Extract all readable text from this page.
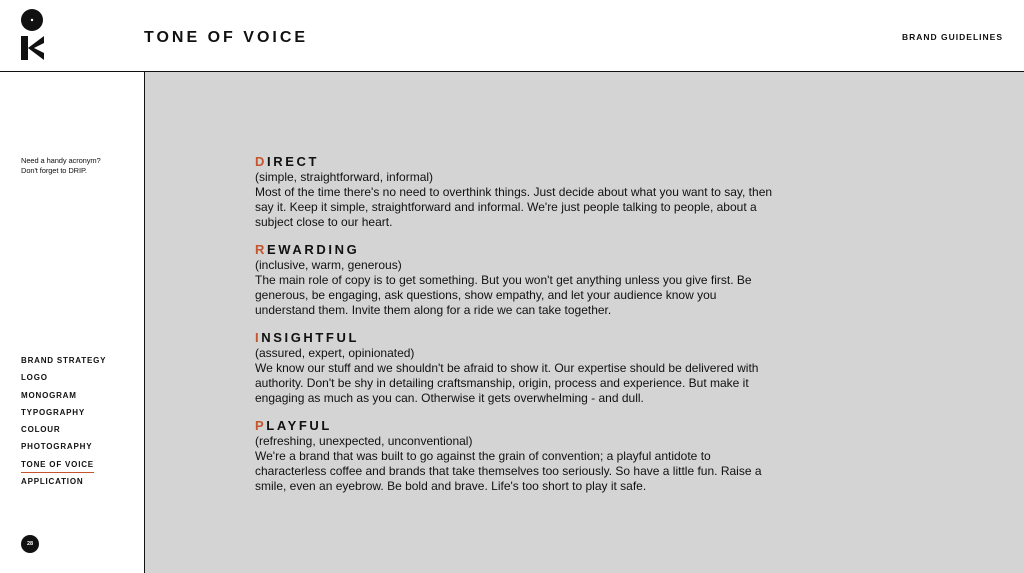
TONE OF VOICE	BRAND GUIDELINES
Need a handy acronym?
Don't forget to DRIP.
BRAND STRATEGY
LOGO
MONOGRAM
TYPOGRAPHY
COLOUR
PHOTOGRAPHY
TONE OF VOICE
APPLICATION
28
DIRECT
(simple, straightforward, informal)
Most of the time there's no need to overthink things. Just decide about what you want to say, then say it. Keep it simple, straightforward and informal. We're just people talking to people, about a subject close to our heart.
REWARDING
(inclusive, warm, generous)
The main role of copy is to get something. But you won't get anything unless you give first. Be generous, be engaging, ask questions, show empathy, and let your audience know you understand them. Invite them along for a ride we can take together.
INSIGHTFUL
(assured, expert, opinionated)
We know our stuff and we shouldn't be afraid to show it. Our expertise should be delivered with authority. Don't be shy in detailing craftsmanship, origin, process and experience. But make it engaging as much as you can. Otherwise it gets overwhelming - and dull.
PLAYFUL
(refreshing, unexpected, unconventional)
We're a brand that was built to go against the grain of convention; a playful antidote to characterless coffee and brands that take themselves too seriously. So have a little fun. Raise a smile, even an eyebrow. Be bold and brave. Life's too short to play it safe.
